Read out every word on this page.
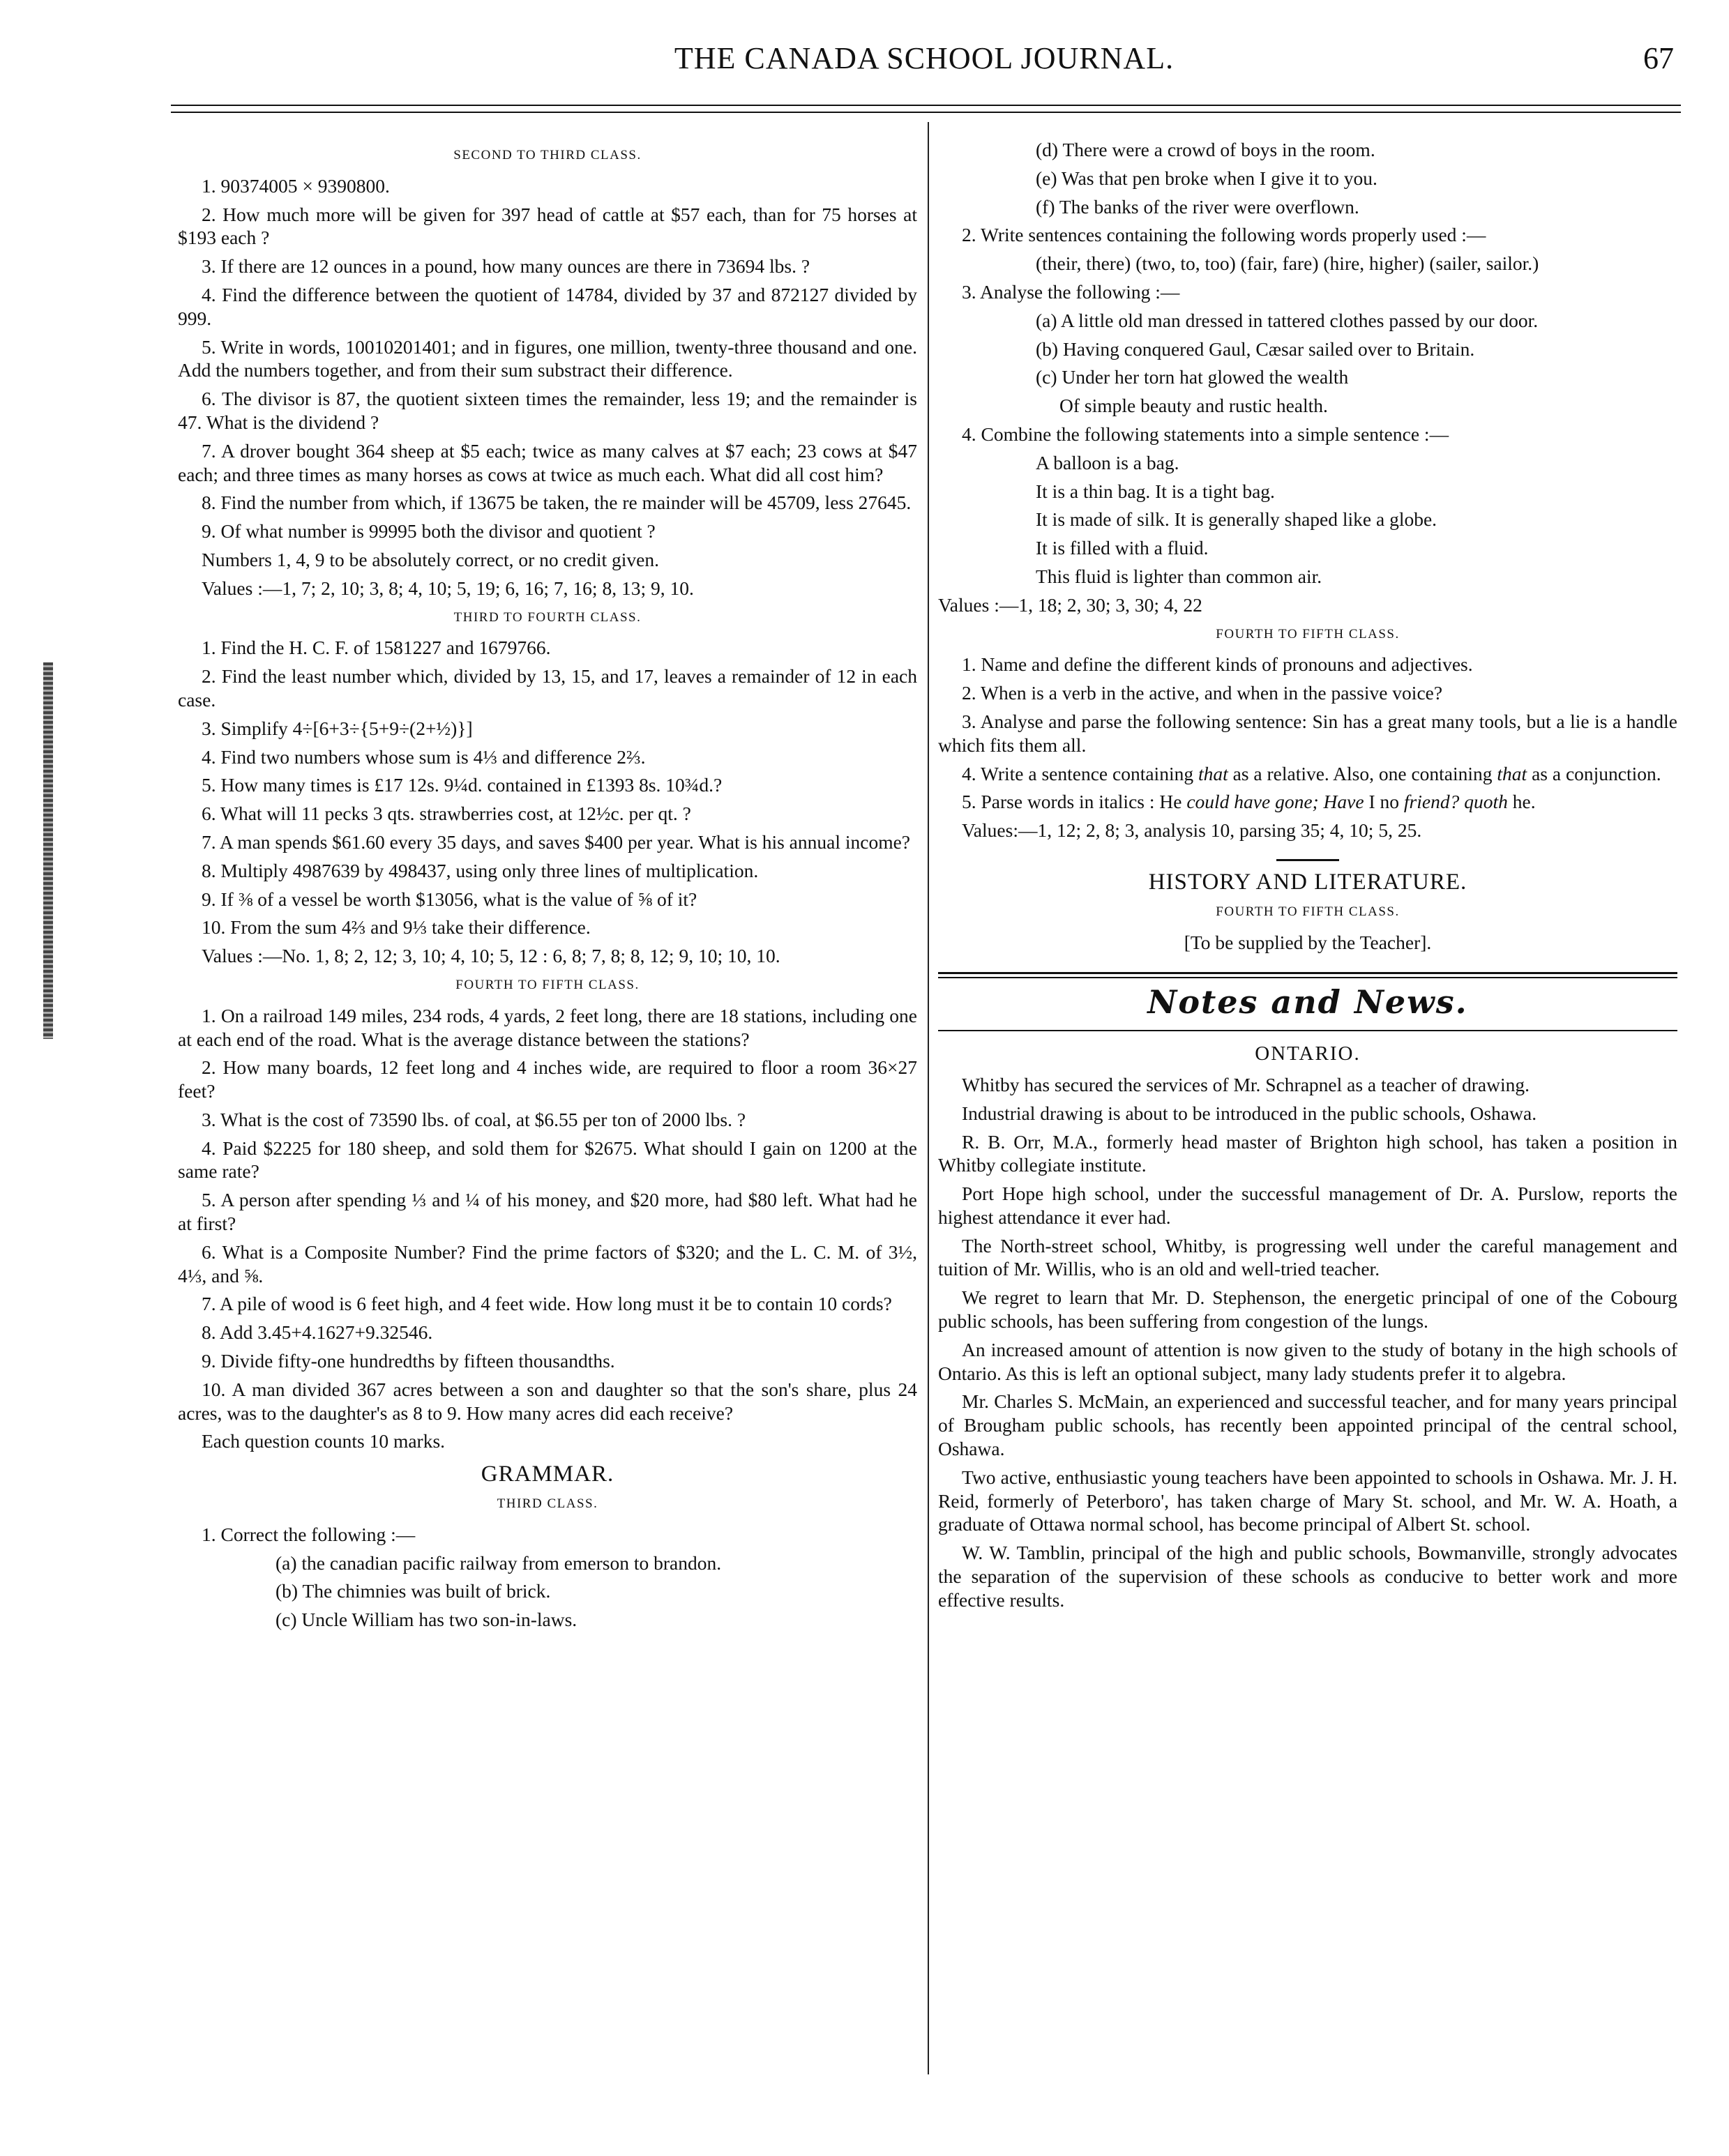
THE CANADA SCHOOL JOURNAL.	67
SECOND TO THIRD CLASS.

1. 90374005 × 9390800.

2. How much more will be given for 397 head of cattle at $57 each, than for 75 horses at $193 each ?

3. If there are 12 ounces in a pound, how many ounces are there in 73694 lbs. ?

4. Find the difference between the quotient of 14784, divided by 37 and 872127 divided by 999.

5. Write in words, 10010201401; and in figures, one million, twenty-three thousand and one. Add the numbers together, and from their sum substract their difference.

6. The divisor is 87, the quotient sixteen times the remainder, less 19; and the remainder is 47. What is the dividend ?

7. A drover bought 364 sheep at $5 each; twice as many calves at $7 each; 23 cows at $47 each; and three times as many horses as cows at twice as much each. What did all cost him?

8. Find the number from which, if 13675 be taken, the re mainder will be 45709, less 27645.

9. Of what number is 99995 both the divisor and quotient ?

Numbers 1, 4, 9 to be absolutely correct, or no credit given.

Values :—1, 7; 2, 10; 3, 8; 4, 10; 5, 19; 6, 16; 7, 16; 8, 13; 9, 10.

THIRD TO FOURTH CLASS.

1. Find the H. C. F. of 1581227 and 1679766.

2. Find the least number which, divided by 13, 15, and 17, leaves a remainder of 12 in each case.

3. Simplify 4÷[6+3÷{5+9÷(2+½)}]

4. Find two numbers whose sum is 4⅓ and difference 2⅔.

5. How many times is £17 12s. 9¼d. contained in £1393 8s. 10¾d.?

6. What will 11 pecks 3 qts. strawberries cost, at 12½c. per qt. ?

7. A man spends $61.60 every 35 days, and saves $400 per year. What is his annual income?

8. Multiply 4987639 by 498437, using only three lines of multiplication.

9. If ⅜ of a vessel be worth $13056, what is the value of ⅝ of it?

10. From the sum 4⅔ and 9⅓ take their difference.

Values :—No. 1, 8; 2, 12; 3, 10; 4, 10; 5, 12 : 6, 8; 7, 8; 8, 12; 9, 10; 10, 10.

FOURTH TO FIFTH CLASS.

1. On a railroad 149 miles, 234 rods, 4 yards, 2 feet long, there are 18 stations, including one at each end of the road. What is the average distance between the stations?

2. How many boards, 12 feet long and 4 inches wide, are required to floor a room 36×27 feet?

3. What is the cost of 73590 lbs. of coal, at $6.55 per ton of 2000 lbs. ?

4. Paid $2225 for 180 sheep, and sold them for $2675. What should I gain on 1200 at the same rate?

5. A person after spending ⅓ and ¼ of his money, and $20 more, had $80 left. What had he at first?

6. What is a Composite Number? Find the prime factors of $320; and the L. C. M. of 3½, 4⅓, and ⅝.

7. A pile of wood is 6 feet high, and 4 feet wide. How long must it be to contain 10 cords?

8. Add 3.45+4.1627+9.32546.

9. Divide fifty-one hundredths by fifteen thousandths.

10. A man divided 367 acres between a son and daughter so that the son's share, plus 24 acres, was to the daughter's as 8 to 9. How many acres did each receive?

Each question counts 10 marks.

GRAMMAR.
THIRD CLASS.

1. Correct the following :—

(a) the canadian pacific railway from emerson to brandon.

(b) The chimnies was built of brick.

(c) Uncle William has two son-in-laws.

(d) There were a crowd of boys in the room.

(e) Was that pen broke when I give it to you.

(f) The banks of the river were overflown.

2. Write sentences containing the following words properly used :—

(their, there) (two, to, too) (fair, fare) (hire, higher) (sailer, sailor.)

3. Analyse the following :—

(a) A little old man dressed in tattered clothes passed by our door.

(b) Having conquered Gaul, Cæsar sailed over to Britain.

(c) Under her torn hat glowed the wealth

Of simple beauty and rustic health.

4. Combine the following statements into a simple sentence :—

A balloon is a bag.

It is a thin bag. It is a tight bag.

It is made of silk. It is generally shaped like a globe.

It is filled with a fluid.

This fluid is lighter than common air.

Values :—1, 18; 2, 30; 3, 30; 4, 22

FOURTH TO FIFTH CLASS.

1. Name and define the different kinds of pronouns and adjectives.

2. When is a verb in the active, and when in the passive voice?

3. Analyse and parse the following sentence: Sin has a great many tools, but a lie is a handle which fits them all.

4. Write a sentence containing that as a relative. Also, one containing that as a conjunction.

5. Parse words in italics : He could have gone; Have I no friend? quoth he.

Values:—1, 12; 2, 8; 3, analysis 10, parsing 35; 4, 10; 5, 25.

HISTORY AND LITERATURE.
FOURTH TO FIFTH CLASS.

[To be supplied by the Teacher].

Notes and News.
ONTARIO.

Whitby has secured the services of Mr. Schrapnel as a teacher of drawing.

Industrial drawing is about to be introduced in the public schools, Oshawa.

R. B. Orr, M.A., formerly head master of Brighton high school, has taken a position in Whitby collegiate institute.

Port Hope high school, under the successful management of Dr. A. Purslow, reports the highest attendance it ever had.

The North-street school, Whitby, is progressing well under the careful management and tuition of Mr. Willis, who is an old and well-tried teacher.

We regret to learn that Mr. D. Stephenson, the energetic principal of one of the Cobourg public schools, has been suffering from congestion of the lungs.

An increased amount of attention is now given to the study of botany in the high schools of Ontario. As this is left an optional subject, many lady students prefer it to algebra.

Mr. Charles S. McMain, an experienced and successful teacher, and for many years principal of Brougham public schools, has recently been appointed principal of the central school, Oshawa.

Two active, enthusiastic young teachers have been appointed to schools in Oshawa. Mr. J. H. Reid, formerly of Peterboro', has taken charge of Mary St. school, and Mr. W. A. Hoath, a graduate of Ottawa normal school, has become principal of Albert St. school.

W. W. Tamblin, principal of the high and public schools, Bowmanville, strongly advocates the separation of the supervision of these schools as conducive to better work and more effective results.
